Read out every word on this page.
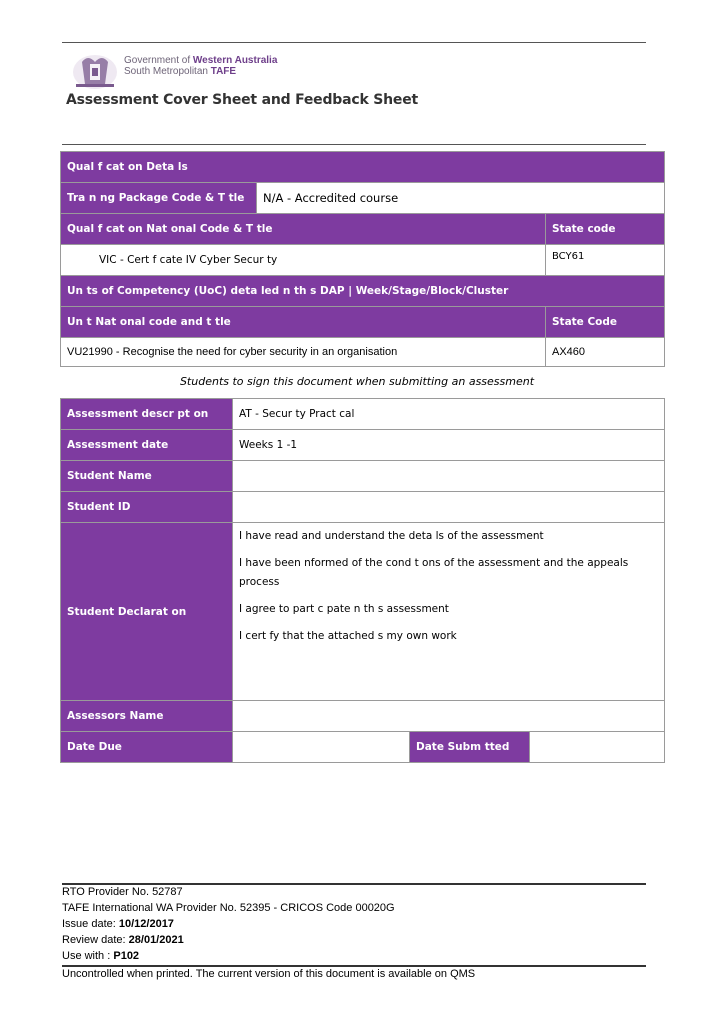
Government of Western Australia
South Metropolitan TAFE
Assessment Cover Sheet and Feedback Sheet
Qual f cat on Deta ls		
Tra n ng Package Code & T tle	N/A - Accredited course	
Qual f cat on Nat onal Code & T tle		State code
VIC - Cert f cate IV Cyber Secur ty		BCY61
Un ts of Competency (UoC) deta led n th s DAP | Week/Stage/Block/Cluster		
Un t Nat onal code and t tle		State Code
VU21990 - Recognise the need for cyber security in an organisation		AX460
Students to sign this document when submitting an assessment
Assessment descr pt on	AT - Secur ty Pract cal		
Assessment date	Weeks 1 -1		
Student Name			
Student ID			
Student Declarat on	I have read and understand the deta ls of the assessment

I have been nformed of the cond t ons of the assessment and the appeals process

I agree to part c pate n th s assessment

I cert fy that the attached s my own work		

Assessors Name			
Date Due		Date Subm tted	
RTO Provider No. 52787
TAFE International WA Provider No. 52395 - CRICOS Code 00020G
Issue date: 10/12/2017
Review date: 28/01/2021
Use with : P102
Uncontrolled when printed. The current version of this document is available on QMS
